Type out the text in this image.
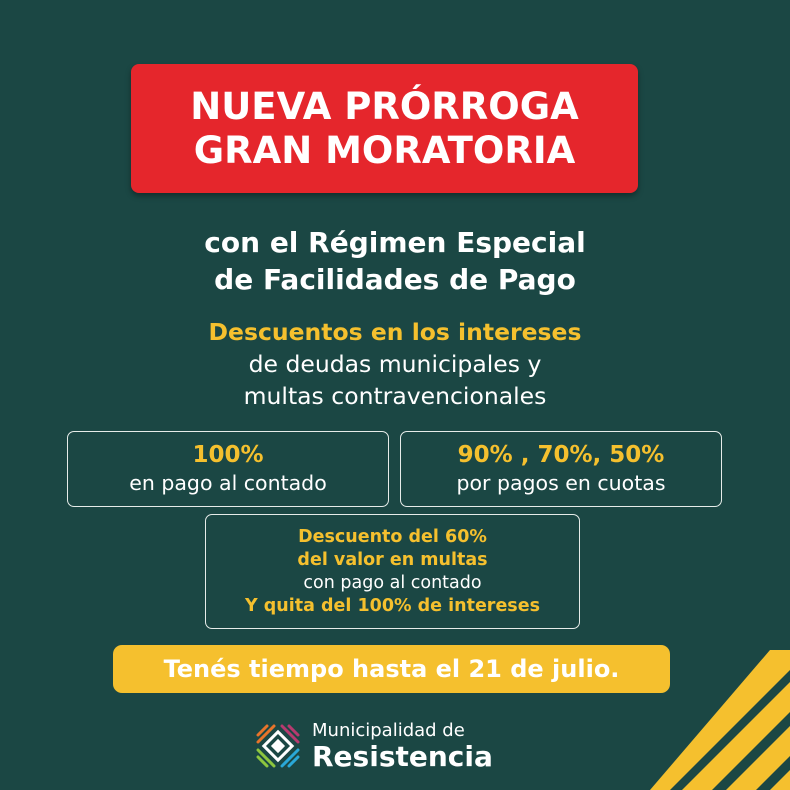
NUEVA PRÓRROGA
GRAN MORATORIA
con el Régimen Especial
de Facilidades de Pago
Descuentos en los intereses
de deudas municipales y
multas contravencionales
100%
en pago al contado
90% , 70%, 50%
por pagos en cuotas
Descuento del 60%
del valor en multas
con pago al contado
Y quita del 100% de intereses
Tenés tiempo hasta el 21 de julio.
Municipalidad de
Resistencia
